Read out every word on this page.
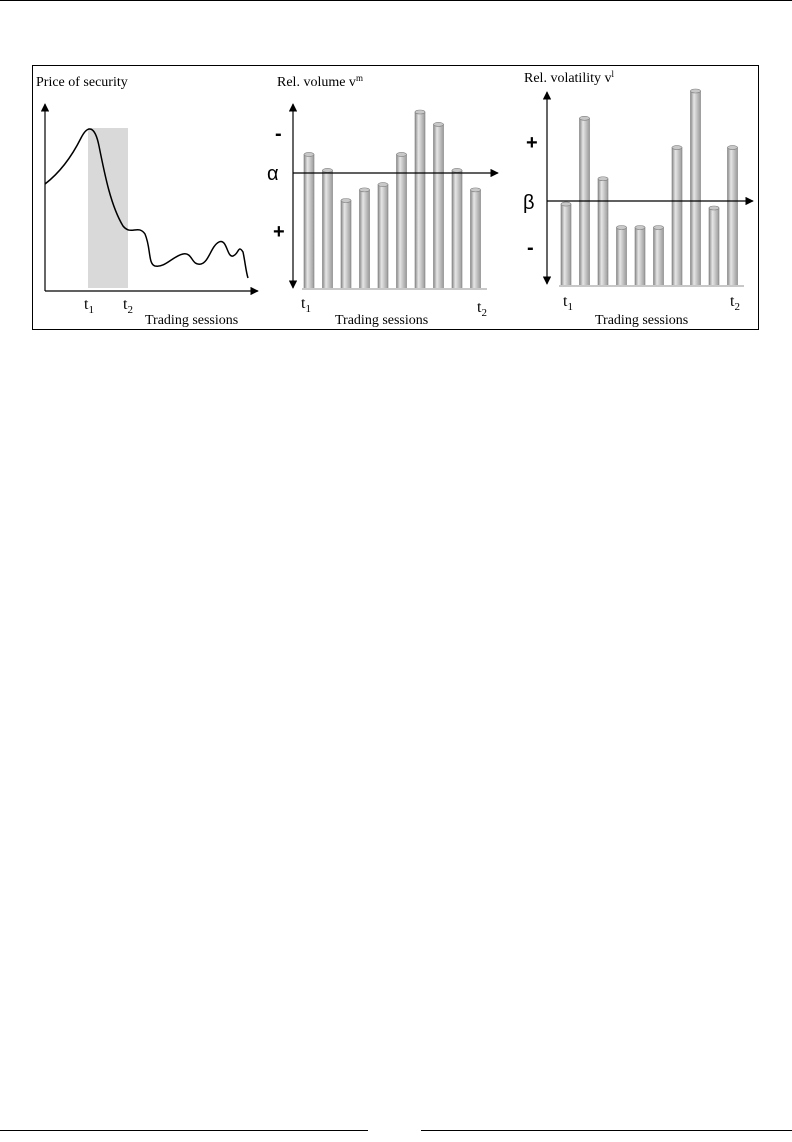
Price of security
$t_1$ $t_2$
Trading sessions
Rel. volume $v^m$
-
α
+
$t_1$	$t_2$
Trading sessions
Rel. volatility $v^l$
+
β
-
$t_1$	$t_2$
Trading sessions
